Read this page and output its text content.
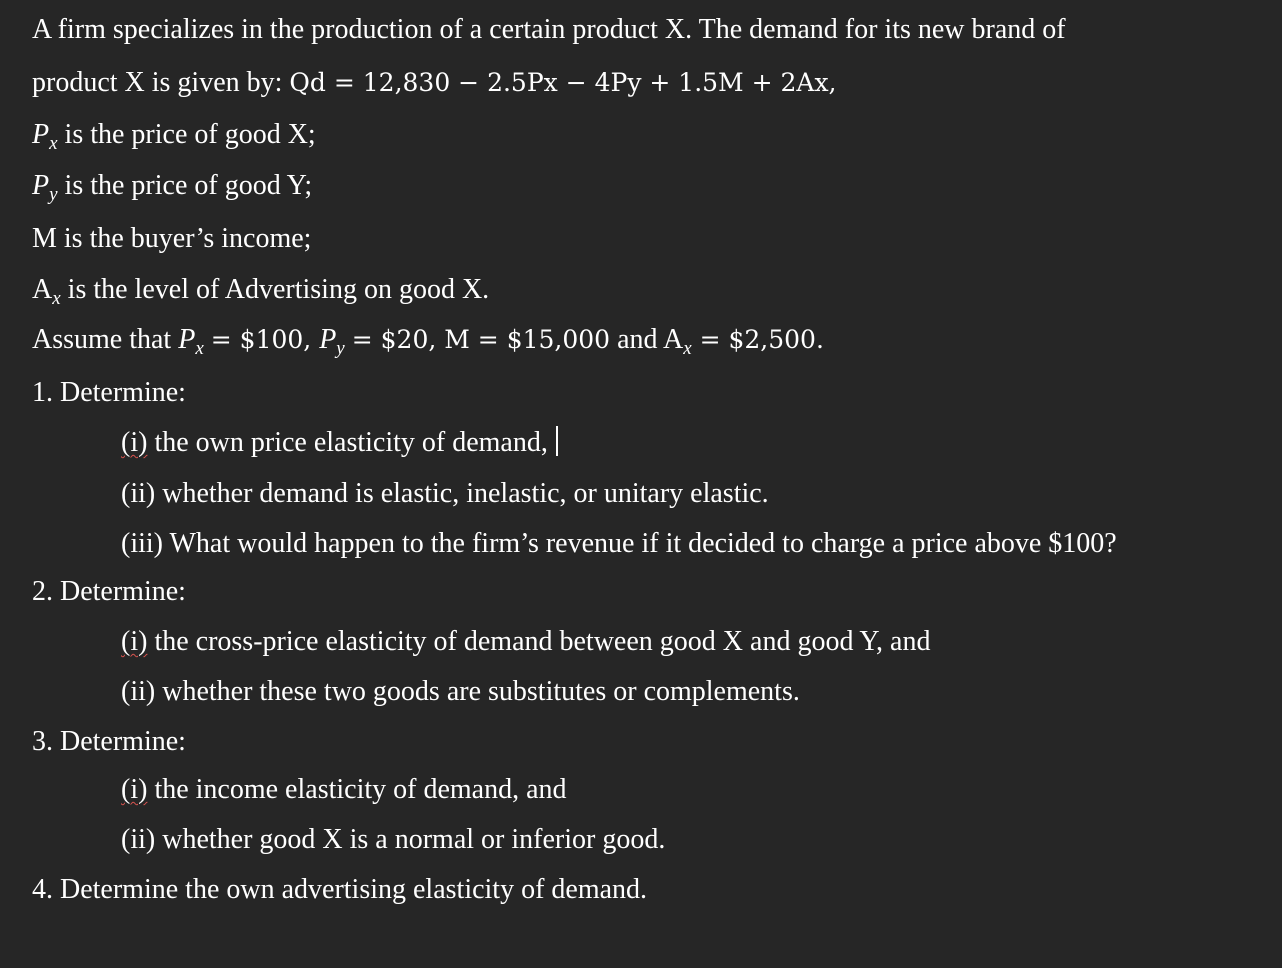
A firm specializes in the production of a certain product X. The demand for its new brand of

product X is given by: Qd = 12,830 − 2.5Px − 4Py + 1.5M + 2Ax,

$P_x$ is the price of good X;

$P_y$ is the price of good Y;

M is the buyer’s income;

$A_x$ is the level of Advertising on good X.

Assume that $P_x$ = $100, $P_y$ = $20, M = $15,000 and $A_x$ = $2,500.

1. Determine:

(i) the own price elasticity of demand,

(ii) whether demand is elastic, inelastic, or unitary elastic.

(iii) What would happen to the firm’s revenue if it decided to charge a price above $100?

2. Determine:

(i) the cross-price elasticity of demand between good X and good Y, and

(ii) whether these two goods are substitutes or complements.

3. Determine:

(i) the income elasticity of demand, and

(ii) whether good X is a normal or inferior good.

4. Determine the own advertising elasticity of demand.
